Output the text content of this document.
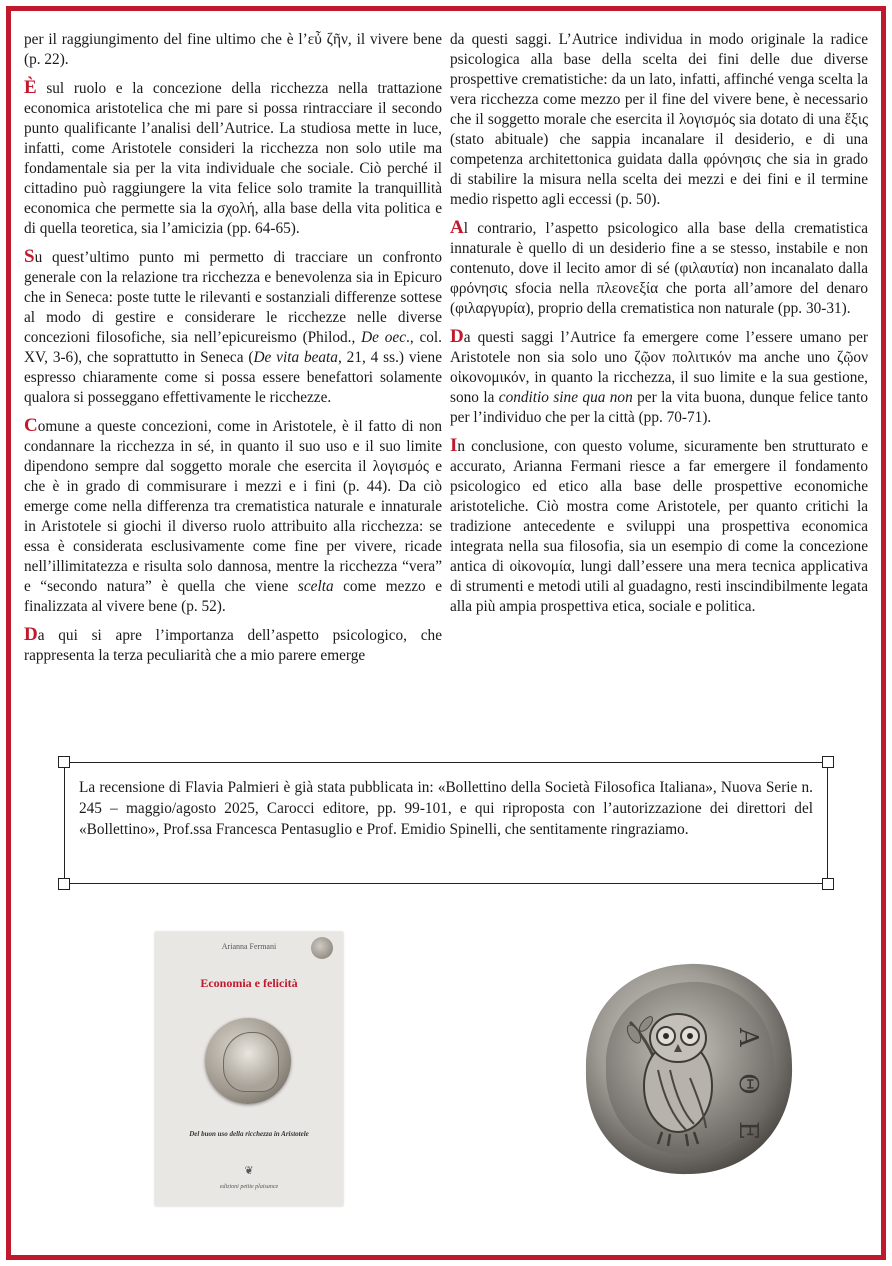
per il raggiungimento del fine ultimo che è l’εὖ ζῆν, il vivere bene (p. 22).

È sul ruolo e la concezione della ricchezza nella trattazione economica aristotelica che mi pare si possa rintracciare il secondo punto qualificante l’analisi dell’Autrice. La studiosa mette in luce, infatti, come Aristotele consideri la ricchezza non solo utile ma fondamentale sia per la vita individuale che sociale. Ciò perché il cittadino può raggiungere la vita felice solo tramite la tranquillità economica che permette sia la σχολή, alla base della vita politica e di quella teoretica, sia l’amicizia (pp. 64-65).

Su quest’ultimo punto mi permetto di tracciare un confronto generale con la relazione tra ricchezza e benevolenza sia in Epicuro che in Seneca: poste tutte le rilevanti e sostanziali differenze sottese al modo di gestire e considerare le ricchezze nelle diverse concezioni filosofiche, sia nell’epicureismo (Philod., De oec., col. XV, 3-6), che soprattutto in Seneca (De vita beata, 21, 4 ss.) viene espresso chiaramente come si possa essere benefattori solamente qualora si posseggano effettivamente le ricchezze.

Comune a queste concezioni, come in Aristotele, è il fatto di non condannare la ricchezza in sé, in quanto il suo uso e il suo limite dipendono sempre dal soggetto morale che esercita il λογισμός e che è in grado di commisurare i mezzi e i fini (p. 44). Da ciò emerge come nella differenza tra crematistica naturale e innaturale in Aristotele si giochi il diverso ruolo attribuito alla ricchezza: se essa è considerata esclusivamente come fine per vivere, ricade nell’illimitatezza e risulta solo dannosa, mentre la ricchezza “vera” e “secondo natura” è quella che viene scelta come mezzo e finalizzata al vivere bene (p. 52).

Da qui si apre l’importanza dell’aspetto psicologico, che rappresenta la terza peculiarità che a mio parere emerge

da questi saggi. L’Autrice individua in modo originale la radice psicologica alla base della scelta dei fini delle due diverse prospettive crematistiche: da un lato, infatti, affinché venga scelta la vera ricchezza come mezzo per il fine del vivere bene, è necessario che il soggetto morale che esercita il λογισμός sia dotato di una ἕξις (stato abituale) che sappia incanalare il desiderio, e di una competenza architettonica guidata dalla φρόνησις che sia in grado di stabilire la misura nella scelta dei mezzi e dei fini e il termine medio rispetto agli eccessi (p. 50).

Al contrario, l’aspetto psicologico alla base della crematistica innaturale è quello di un desiderio fine a se stesso, instabile e non contenuto, dove il lecito amor di sé (φιλαυτία) non incanalato dalla φρόνησις sfocia nella πλεονεξία che porta all’amore del denaro (φιλαργυρία), proprio della crematistica non naturale (pp. 30-31).

Da questi saggi l’Autrice fa emergere come l’essere umano per Aristotele non sia solo uno ζῷον πολιτικόν ma anche uno ζῷον οἰκονομικόν, in quanto la ricchezza, il suo limite e la sua gestione, sono la conditio sine qua non per la vita buona, dunque felice tanto per l’individuo che per la città (pp. 70-71).

In conclusione, con questo volume, sicuramente ben strutturato e accurato, Arianna Fermani riesce a far emergere il fondamento psicologico ed etico alla base delle prospettive economiche aristoteliche. Ciò mostra come Aristotele, per quanto critichi la tradizione antecedente e sviluppi una prospettiva economica integrata nella sua filosofia, sia un esempio di come la concezione antica di οἰκονομία, lungi dall’essere una mera tecnica applicativa di strumenti e metodi utili al guadagno, resti inscindibilmente legata alla più ampia prospettiva etica, sociale e politica.

La recensione di Flavia Palmieri è già stata pubblicata in: «Bollettino della Società Filosofica Italiana», Nuova Serie n. 245 – maggio/agosto 2025, Carocci editore, pp. 99-101, e qui riproposta con l’autorizzazione dei direttori del «Bollettino», Prof.ssa Francesca Pentasuglio e Prof. Emidio Spinelli, che sentitamente ringraziamo.
Arianna Fermani
Economia e felicità
Del buon uso della ricchezza in Aristotele
❦
edizioni petite plaisance
ΑΘΕ
